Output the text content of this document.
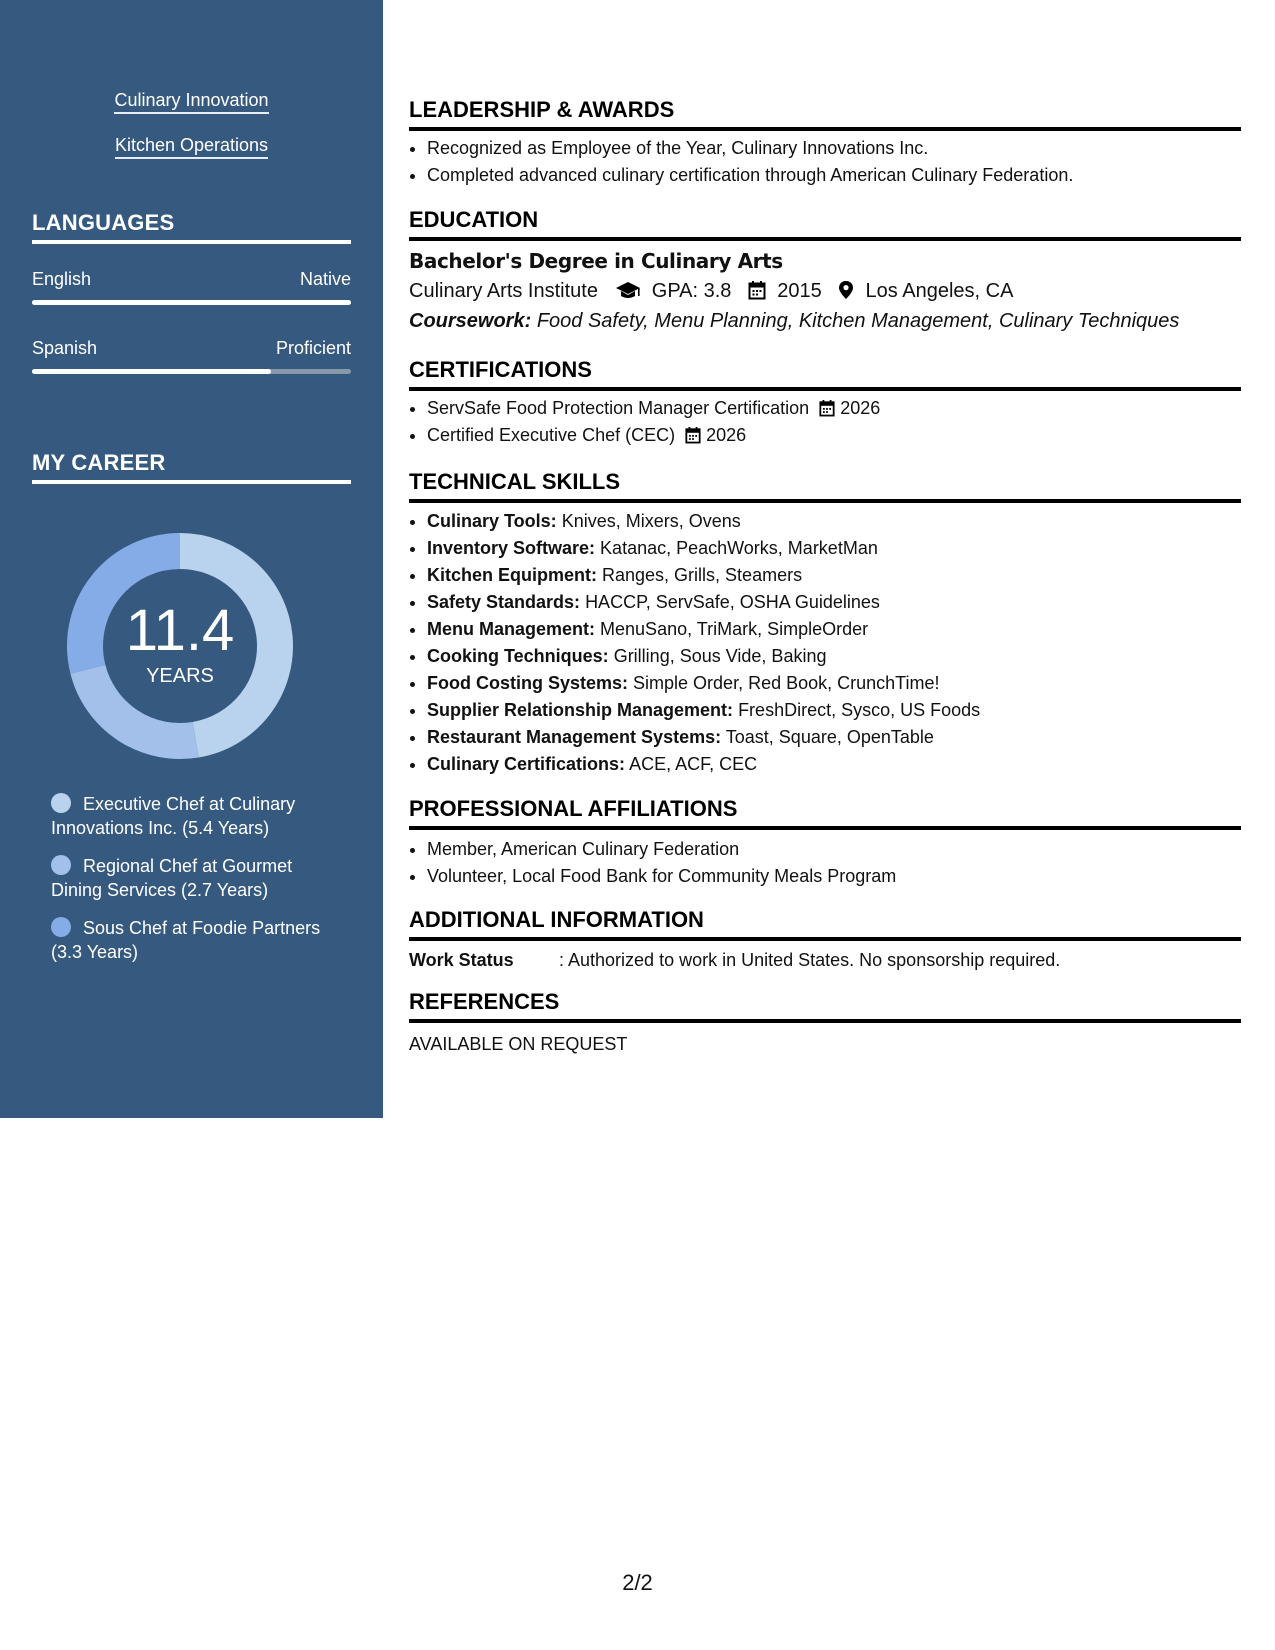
Culinary Innovation
Kitchen Operations
LANGUAGES
English	Native
Spanish	Proficient
MY CAREER
11.4
YEARS
Executive Chef at Culinary Innovations Inc. (5.4 Years)
Regional Chef at Gourmet Dining Services (2.7 Years)
Sous Chef at Foodie Partners (3.3 Years)
LEADERSHIP & AWARDS
• Recognized as Employee of the Year, Culinary Innovations Inc.
• Completed advanced culinary certification through American Culinary Federation.
EDUCATION
Bachelor's Degree in Culinary Arts
Culinary Arts Institute	GPA: 3.8 2015 Los Angeles, CA
Coursework: Food Safety, Menu Planning, Kitchen Management, Culinary Techniques
CERTIFICATIONS
• ServSafe Food Protection Manager Certification 2026
• Certified Executive Chef (CEC) 2026
TECHNICAL SKILLS
• Culinary Tools: Knives, Mixers, Ovens
• Inventory Software: Katanac, PeachWorks, MarketMan
• Kitchen Equipment: Ranges, Grills, Steamers
• Safety Standards: HACCP, ServSafe, OSHA Guidelines
• Menu Management: MenuSano, TriMark, SimpleOrder
• Cooking Techniques: Grilling, Sous Vide, Baking
• Food Costing Systems: Simple Order, Red Book, CrunchTime!
• Supplier Relationship Management: FreshDirect, Sysco, US Foods
• Restaurant Management Systems: Toast, Square, OpenTable
• Culinary Certifications: ACE, ACF, CEC
PROFESSIONAL AFFILIATIONS
• Member, American Culinary Federation
• Volunteer, Local Food Bank for Community Meals Program
ADDITIONAL INFORMATION
Work Status	: Authorized to work in United States. No sponsorship required.
REFERENCES
AVAILABLE ON REQUEST
2/2
